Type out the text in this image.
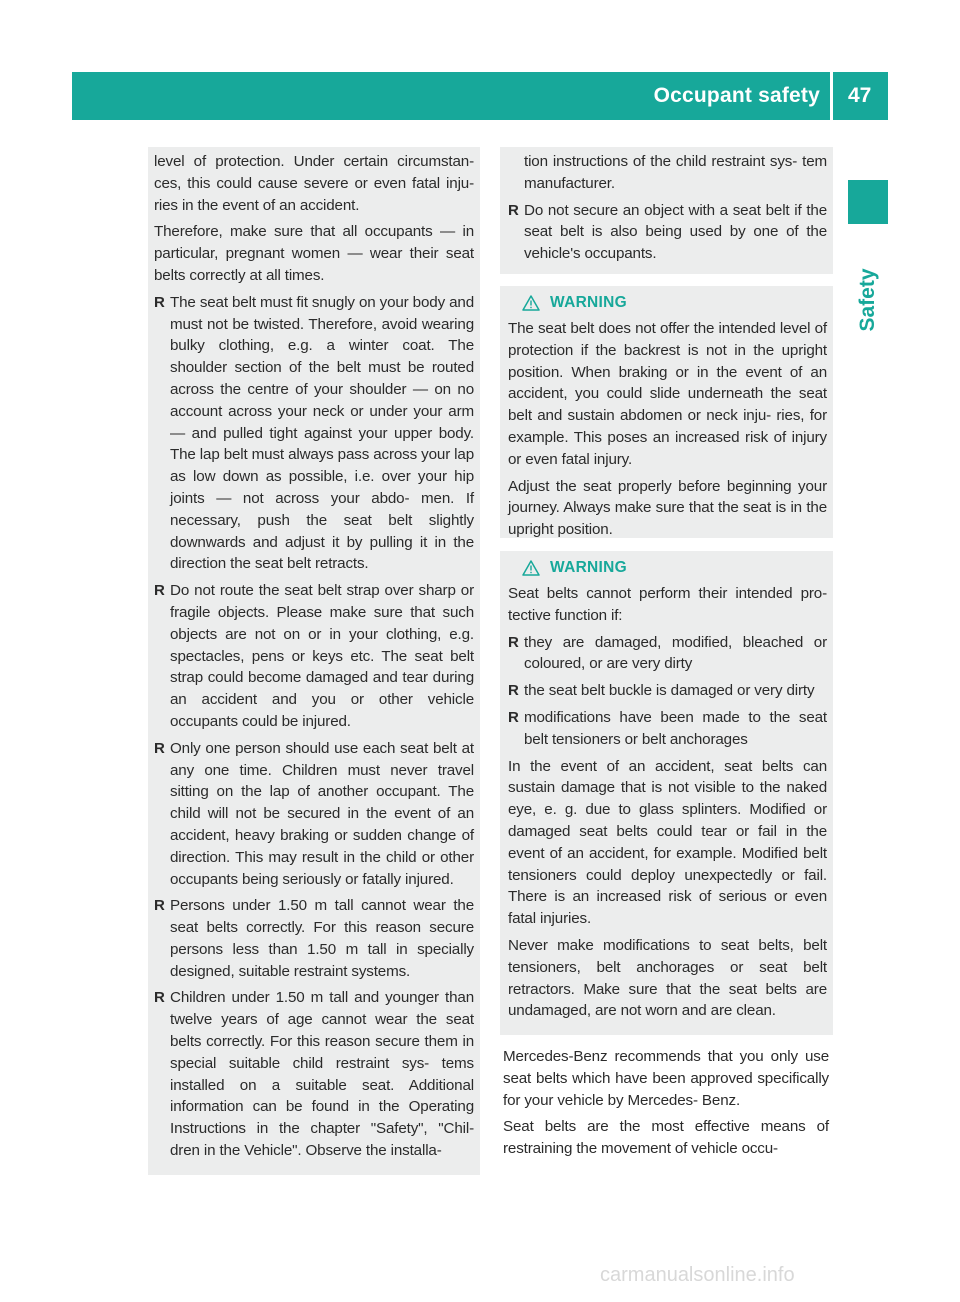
Occupant safety 47
Safety

level of protection. Under certain circumstan- ces, this could cause severe or even fatal inju- ries in the event of an accident.

Therefore, make sure that all occupants — in particular, pregnant women — wear their seat belts correctly at all times.

R The seat belt must fit snugly on your body and must not be twisted. Therefore, avoid wearing bulky clothing, e.g. a winter coat. The shoulder section of the belt must be routed across the centre of your shoulder — on no account across your neck or under your arm — and pulled tight against your upper body. The lap belt must always pass across your lap as low down as possible, i.e. over your hip joints — not across your abdo- men. If necessary, push the seat belt slightly downwards and adjust it by pulling it in the direction the seat belt retracts.
R Do not route the seat belt strap over sharp or fragile objects. Please make sure that such objects are not on or in your clothing, e.g. spectacles, pens or keys etc. The seat belt strap could become damaged and tear during an accident and you or other vehicle occupants could be injured.
R Only one person should use each seat belt at any one time. Children must never travel sitting on the lap of another occupant. The child will not be secured in the event of an accident, heavy braking or sudden change of direction. This may result in the child or other occupants being seriously or fatally injured.
R Persons under 1.50 m tall cannot wear the seat belts correctly. For this reason secure persons less than 1.50 m tall in specially designed, suitable restraint systems.
R Children under 1.50 m tall and younger than twelve years of age cannot wear the seat belts correctly. For this reason secure them in special suitable child restraint sys- tems installed on a suitable seat. Additional information can be found in the Operating Instructions in the chapter "Safety", "Chil- dren in the Vehicle". Observe the installa-

tion instructions of the child restraint sys- tem manufacturer.

R Do not secure an object with a seat belt if the seat belt is also being used by one of the vehicle's occupants.
WARNING

The seat belt does not offer the intended level of protection if the backrest is not in the upright position. When braking or in the event of an accident, you could slide underneath the seat belt and sustain abdomen or neck inju- ries, for example. This poses an increased risk of injury or even fatal injury.

Adjust the seat properly before beginning your journey. Always make sure that the seat is in the upright position.

WARNING

Seat belts cannot perform their intended pro- tective function if:

R they are damaged, modified, bleached or coloured, or are very dirty
R the seat belt buckle is damaged or very dirty
R modifications have been made to the seat belt tensioners or belt anchorages

In the event of an accident, seat belts can sustain damage that is not visible to the naked eye, e. g. due to glass splinters. Modified or damaged seat belts could tear or fail in the event of an accident, for example. Modified belt tensioners could deploy unexpectedly or fail. There is an increased risk of serious or even fatal injuries.

Never make modifications to seat belts, belt tensioners, belt anchorages or seat belt retractors. Make sure that the seat belts are undamaged, are not worn and are clean.

Mercedes-Benz recommends that you only use seat belts which have been approved specifically for your vehicle by Mercedes- Benz.

Seat belts are the most effective means of restraining the movement of vehicle occu-

carmanualsonline.info
